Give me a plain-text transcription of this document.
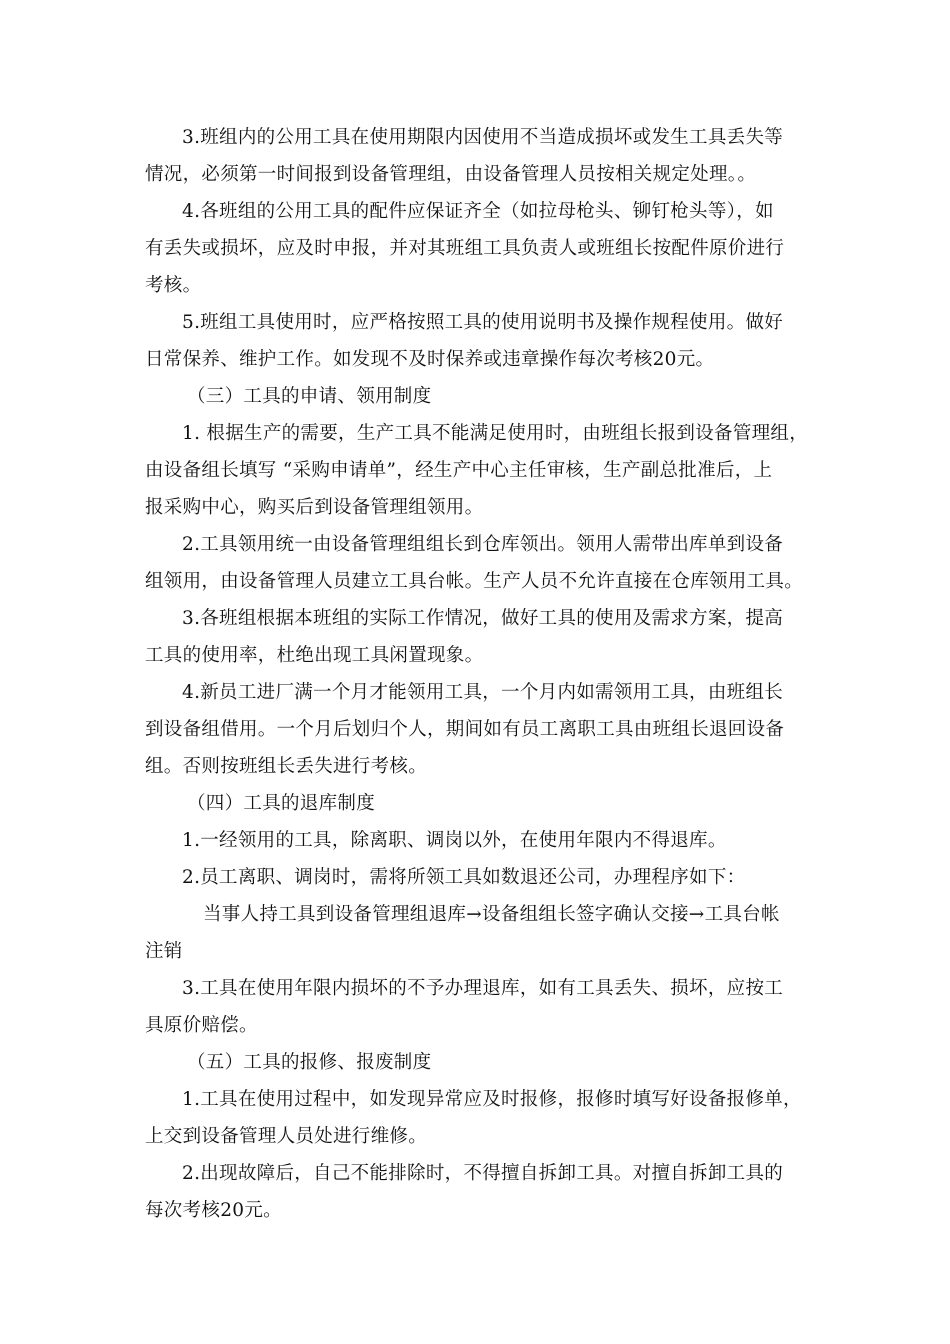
3.班组内的公用工具在使用期限内因使用不当造成损坏或发生工具丢失等
情况，必须第一时间报到设备管理组，由设备管理人员按相关规定处理。。
4.各班组的公用工具的配件应保证齐全（如拉母枪头、铆钉枪头等），如
有丢失或损坏，应及时申报，并对其班组工具负责人或班组长按配件原价进行
考核。
5.班组工具使用时，应严格按照工具的使用说明书及操作规程使用。做好
日常保养、维护工作。如发现不及时保养或违章操作每次考核20元。
（三）工具的申请、领用制度
1. 根据生产的需要，生产工具不能满足使用时，由班组长报到设备管理组，
由设备组长填写 “采购申请单”，经生产中心主任审核，生产副总批准后，上
报采购中心，购买后到设备管理组领用。
2.工具领用统一由设备管理组组长到仓库领出。领用人需带出库单到设备
组领用，由设备管理人员建立工具台帐。生产人员不允许直接在仓库领用工具。
3.各班组根据本班组的实际工作情况，做好工具的使用及需求方案，提高
工具的使用率，杜绝出现工具闲置现象。
4.新员工进厂满一个月才能领用工具，一个月内如需领用工具，由班组长
到设备组借用。一个月后划归个人，期间如有员工离职工具由班组长退回设备
组。否则按班组长丢失进行考核。
（四）工具的退库制度
1.一经领用的工具，除离职、调岗以外，在使用年限内不得退库。
2.员工离职、调岗时，需将所领工具如数退还公司，办理程序如下：
当事人持工具到设备管理组退库→设备组组长签字确认交接→工具台帐
注销
3.工具在使用年限内损坏的不予办理退库，如有工具丢失、损坏，应按工
具原价赔偿。
（五）工具的报修、报废制度
1.工具在使用过程中，如发现异常应及时报修，报修时填写好设备报修单，
上交到设备管理人员处进行维修。
2.出现故障后，自己不能排除时，不得擅自拆卸工具。对擅自拆卸工具的
每次考核20元。
